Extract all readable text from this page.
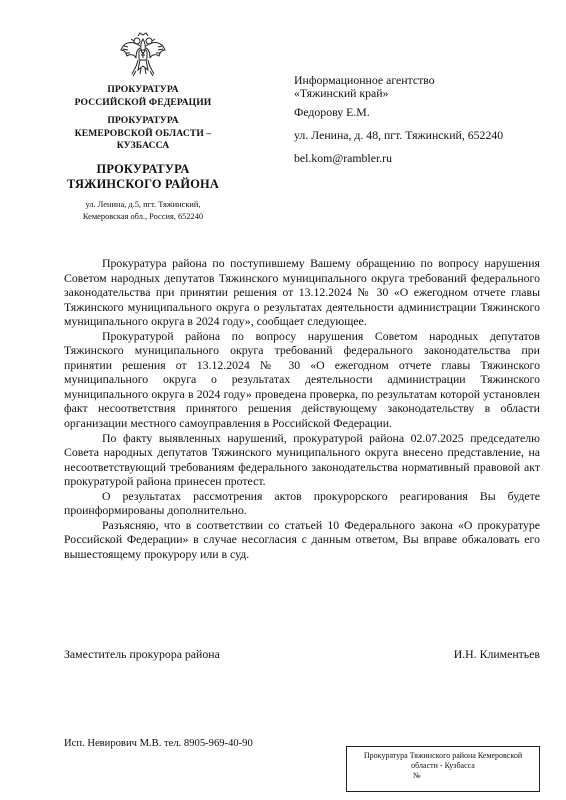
ПРОКУРАТУРА
РОССИЙСКОЙ ФЕДЕРАЦИИ
ПРОКУРАТУРА
КЕМЕРОВСКОЙ ОБЛАСТИ –
КУЗБАССА
ПРОКУРАТУРА
ТЯЖИНСКОГО РАЙОНА
ул. Ленина, д.5, пгт. Тяжинский,
Кемеровская обл., Россия, 652240
Информационное агентство
«Тяжинский край»
Федорову Е.М.
ул. Ленина, д. 48, пгт. Тяжинский, 652240
bel.kom@rambler.ru

Прокуратура района по поступившему Вашему обращению по вопросу нарушения Советом народных депутатов Тяжинского муниципального округа требований федерального законодательства при принятии решения от 13.12.2024 № 30 «О ежегодном отчете главы Тяжинского муниципального округа о результатах деятельности администрации Тяжинского муниципального округа в 2024 году», сообщает следующее.

Прокуратурой района по вопросу нарушения Советом народных депутатов Тяжинского муниципального округа требований федерального законодательства при принятии решения от 13.12.2024 № 30 «О ежегодном отчете главы Тяжинского муниципального округа о результатах деятельности администрации Тяжинского муниципального округа в 2024 году» проведена проверка, по результатам которой установлен факт несоответствия принятого решения действующему законодательству в области организации местного самоуправления в Российской Федерации.

По факту выявленных нарушений, прокуратурой района 02.07.2025 председателю Совета народных депутатов Тяжинского муниципального округа внесено представление, на несоответствующий требованиям федерального законодательства нормативный правовой акт прокуратурой района принесен протест.

О результатах рассмотрения актов прокурорского реагирования Вы будете проинформированы дополнительно.

Разъясняю, что в соответствии со статьей 10 Федерального закона «О прокуратуре Российской Федерации» в случае несогласия с данным ответом, Вы вправе обжаловать его вышестоящему прокурору или в суд.

Заместитель прокурора района	И.Н. Климентьев
Исп. Невирович М.В. тел. 8905-969-40-90
Прокуратура Тяжинского района Кемеровской
области - Кузбасса
№
